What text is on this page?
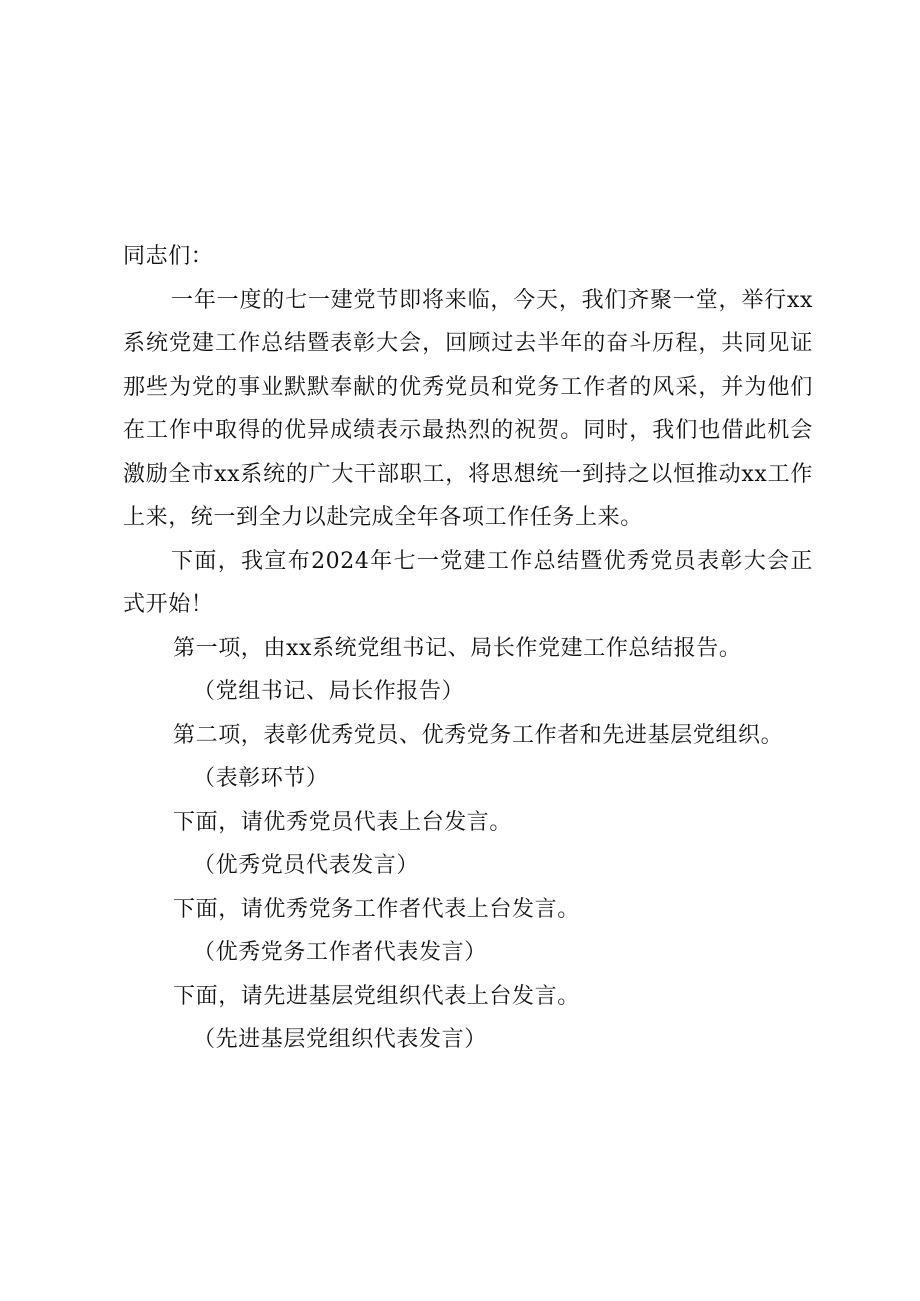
同志们：

一年一度的七一建党节即将来临，今天，我们齐聚一堂，举行xx系统党建工作总结暨表彰大会，回顾过去半年的奋斗历程，共同见证那些为党的事业默默奉献的优秀党员和党务工作者的风采，并为他们在工作中取得的优异成绩表示最热烈的祝贺。同时，我们也借此机会激励全市xx系统的广大干部职工，将思想统一到持之以恒推动xx工作上来，统一到全力以赴完成全年各项工作任务上来。

下面，我宣布2024年七一党建工作总结暨优秀党员表彰大会正式开始！

第一项，由xx系统党组书记、局长作党建工作总结报告。

（党组书记、局长作报告）

第二项，表彰优秀党员、优秀党务工作者和先进基层党组织。

（表彰环节）

下面，请优秀党员代表上台发言。

（优秀党员代表发言）

下面，请优秀党务工作者代表上台发言。

（优秀党务工作者代表发言）

下面，请先进基层党组织代表上台发言。

（先进基层党组织代表发言）
